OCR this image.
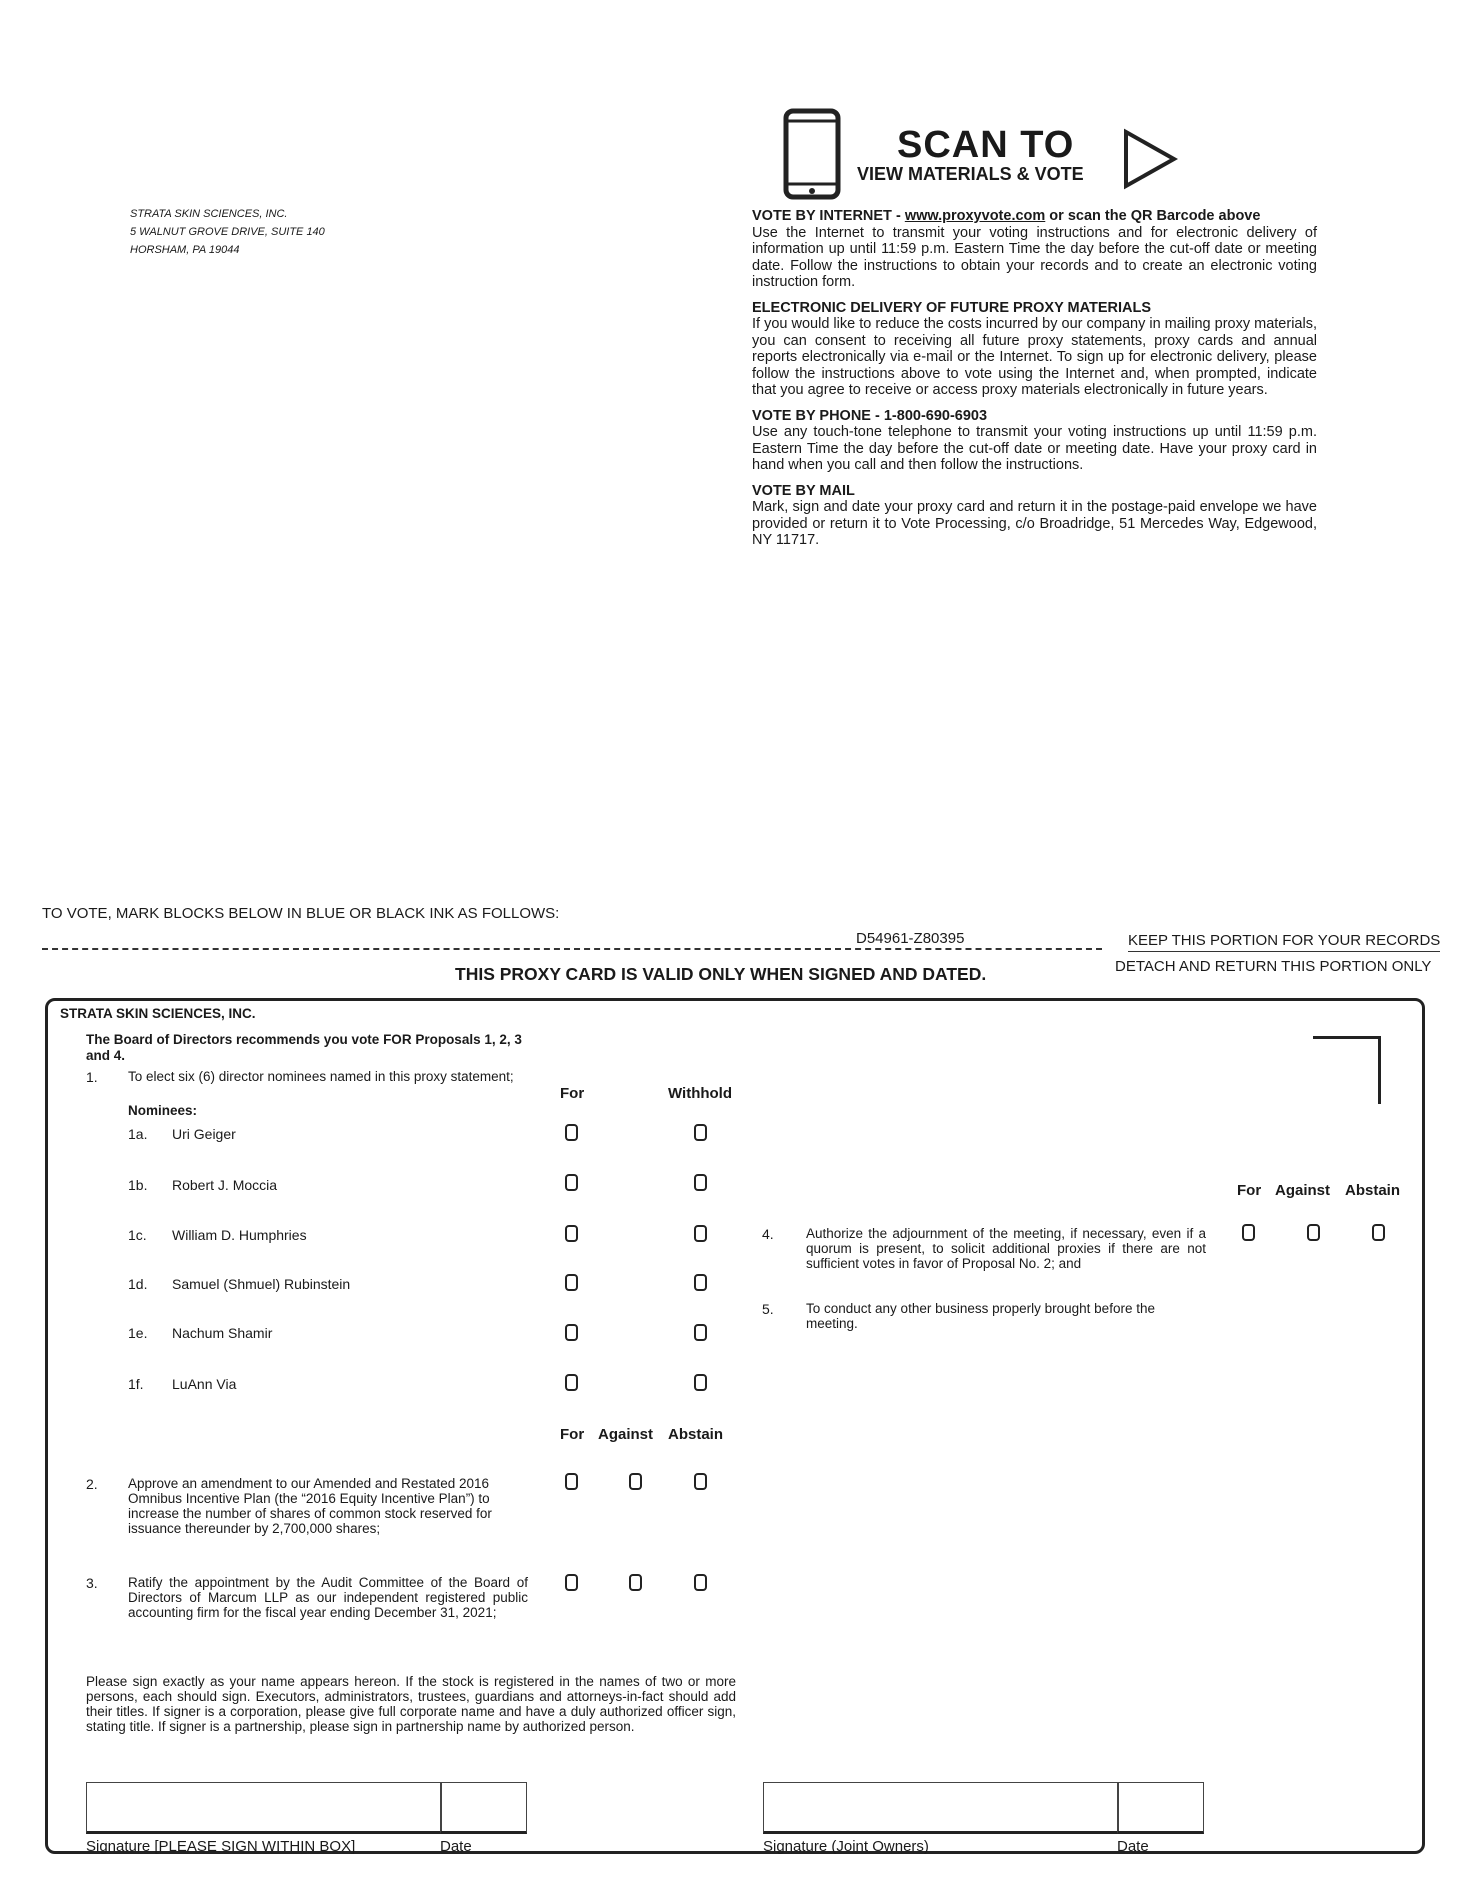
STRATA SKIN SCIENCES, INC.
5 WALNUT GROVE DRIVE, SUITE 140
HORSHAM, PA 19044
SCAN TO
VIEW MATERIALS & VOTE
VOTE BY INTERNET - www.proxyvote.com or scan the QR Barcode above
Use the Internet to transmit your voting instructions and for electronic delivery of information up until 11:59 p.m. Eastern Time the day before the cut-off date or meeting date. Follow the instructions to obtain your records and to create an electronic voting instruction form.
ELECTRONIC DELIVERY OF FUTURE PROXY MATERIALS
If you would like to reduce the costs incurred by our company in mailing proxy materials, you can consent to receiving all future proxy statements, proxy cards and annual reports electronically via e-mail or the Internet. To sign up for electronic delivery, please follow the instructions above to vote using the Internet and, when prompted, indicate that you agree to receive or access proxy materials electronically in future years.
VOTE BY PHONE - 1-800-690-6903
Use any touch-tone telephone to transmit your voting instructions up until 11:59 p.m. Eastern Time the day before the cut-off date or meeting date. Have your proxy card in hand when you call and then follow the instructions.
VOTE BY MAIL
Mark, sign and date your proxy card and return it in the postage-paid envelope we have provided or return it to Vote Processing, c/o Broadridge, 51 Mercedes Way, Edgewood, NY 11717.
TO VOTE, MARK BLOCKS BELOW IN BLUE OR BLACK INK AS FOLLOWS:
D54961-Z80395	KEEP THIS PORTION FOR YOUR RECORDS
DETACH AND RETURN THIS PORTION ONLY
THIS PROXY CARD IS VALID ONLY WHEN SIGNED AND DATED.
STRATA SKIN SCIENCES, INC.
The Board of Directors recommends you vote FOR Proposals 1, 2, 3 and 4.
1. To elect six (6) director nominees named in this proxy statement;
Nominees:
For	Withhold
1a. Uri Geiger
1b. Robert J. Moccia
1c. William D. Humphries
1d. Samuel (Shmuel) Rubinstein
1e. Nachum Shamir
1f. LuAnn Via
For Against Abstain
2. Approve an amendment to our Amended and Restated 2016 Omnibus Incentive Plan (the “2016 Equity Incentive Plan”) to increase the number of shares of common stock reserved for issuance thereunder by 2,700,000 shares;
3. Ratify the appointment by the Audit Committee of the Board of Directors of Marcum LLP as our independent registered public accounting firm for the fiscal year ending December 31, 2021;
For Against Abstain
4. Authorize the adjournment of the meeting, if necessary, even if a quorum is present, to solicit additional proxies if there are not sufficient votes in favor of Proposal No. 2; and
5. To conduct any other business properly brought before the meeting.
Please sign exactly as your name appears hereon. If the stock is registered in the names of two or more persons, each should sign. Executors, administrators, trustees, guardians and attorneys-in-fact should add their titles. If signer is a corporation, please give full corporate name and have a duly authorized officer sign, stating title. If signer is a partnership, please sign in partnership name by authorized person.
Signature [PLEASE SIGN WITHIN BOX]	Date	Signature (Joint Owners)	Date
